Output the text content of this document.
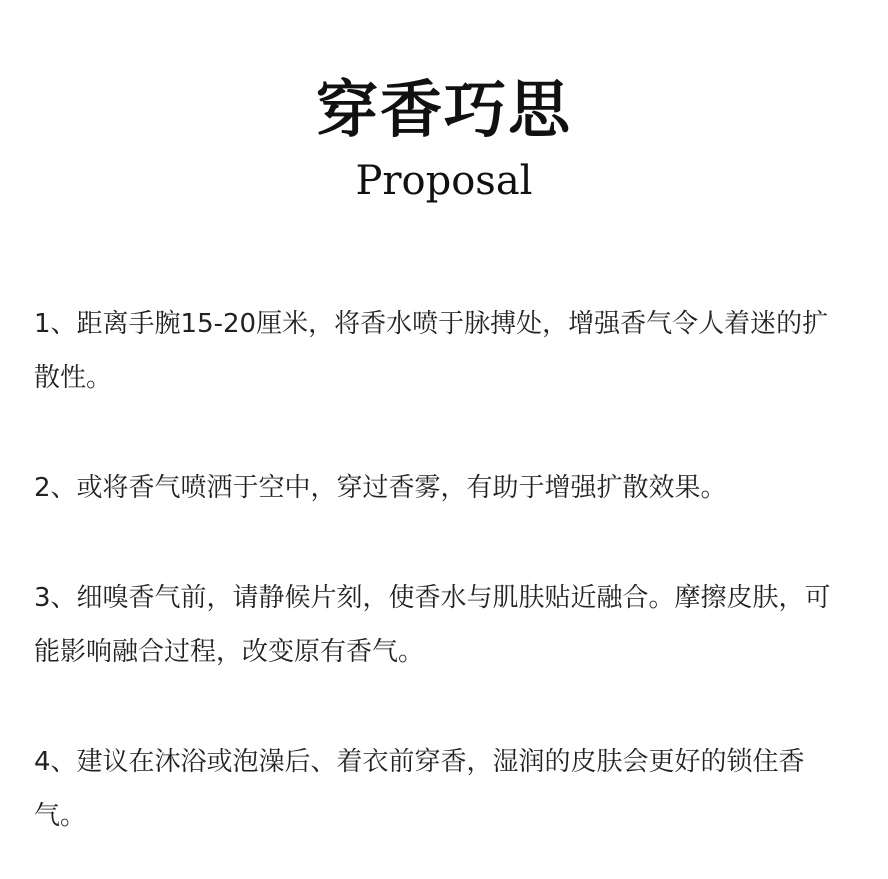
穿香巧思
Proposal

1、距离手腕15-20厘米，将香水喷于脉搏处，增强香气令人着迷的扩散性。

2、或将香气喷洒于空中，穿过香雾，有助于增强扩散效果。

3、细嗅香气前，请静候片刻，使香水与肌肤贴近融合。摩擦皮肤，可能影响融合过程，改变原有香气。

4、建议在沐浴或泡澡后、着衣前穿香，湿润的皮肤会更好的锁住香气。
